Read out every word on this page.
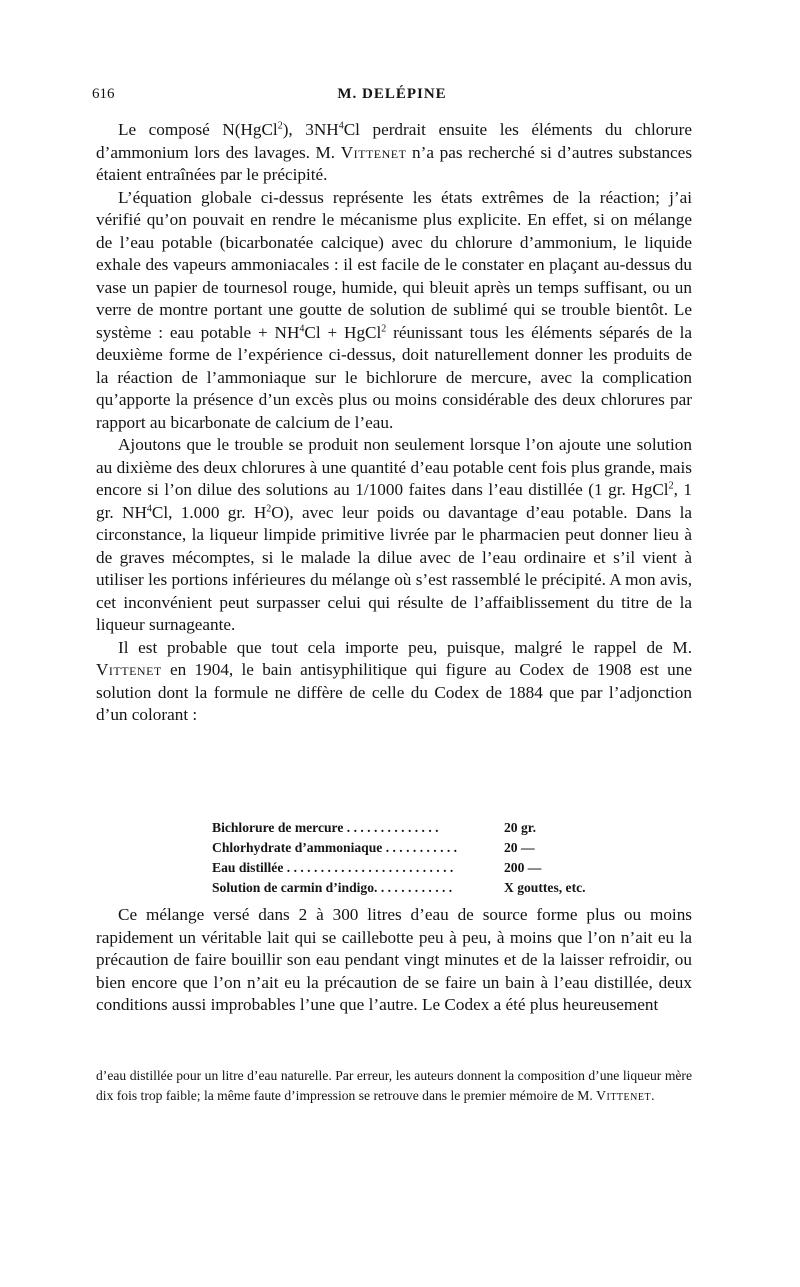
616	M. DELÉPINE

Le composé N(HgCl$^2$), $3NH^4Cl$ perdrait ensuite les éléments du chlorure d’ammonium lors des lavages. M. Vittenet n’a pas recherché si d’autres substances étaient entraînées par le précipité.

L’équation globale ci-dessus représente les états extrêmes de la réaction; j’ai vérifié qu’on pouvait en rendre le mécanisme plus explicite. En effet, si on mélange de l’eau potable (bicarbonatée calcique) avec du chlorure d’ammonium, le liquide exhale des vapeurs ammoniacales : il est facile de le constater en plaçant au-dessus du vase un papier de tournesol rouge, humide, qui bleuit après un temps suffisant, ou un verre de montre portant une goutte de solution de sublimé qui se trouble bientôt. Le système : eau potable + $NH^4Cl$ + HgCl$^2$ réunissant tous les éléments séparés de la deuxième forme de l’expérience ci-dessus, doit naturellement donner les produits de la réaction de l’ammoniaque sur le bichlorure de mercure, avec la complication qu’apporte la présence d’un excès plus ou moins considérable des deux chlorures par rapport au bicarbonate de calcium de l’eau.

Ajoutons que le trouble se produit non seulement lorsque l’on ajoute une solution au dixième des deux chlorures à une quantité d’eau potable cent fois plus grande, mais encore si l’on dilue des solutions au 1/1000 faites dans l’eau distillée (1 gr. HgCl$^2$, 1 gr. $NH^4Cl$, 1.000 gr. $H^2O$), avec leur poids ou davantage d’eau potable. Dans la circonstance, la liqueur limpide primitive livrée par le pharmacien peut donner lieu à de graves mécomptes, si le malade la dilue avec de l’eau ordinaire et s’il vient à utiliser les portions inférieures du mélange où s’est rassemblé le précipité. A mon avis, cet inconvénient peut surpasser celui qui résulte de l’affaiblissement du titre de la liqueur surnageante.

Il est probable que tout cela importe peu, puisque, malgré le rappel de M. Vittenet en 1904, le bain antisyphilitique qui figure au Codex de 1908 est une solution dont la formule ne diffère de celle du Codex de 1884 que par l’adjonction d’un colorant :

Bichlorure de mercure . . . . . . . . . . . . . .	20 gr.
Chlorhydrate d’ammoniaque . . . . . . . . . . .	20 —
Eau distillée . . . . . . . . . . . . . . . . . . . . . . . . .	200 —
Solution de carmin d’indigo. . . . . . . . . . . .	X gouttes, etc.

Ce mélange versé dans 2 à 300 litres d’eau de source forme plus ou moins rapidement un véritable lait qui se caillebotte peu à peu, à moins que l’on n’ait eu la précaution de faire bouillir son eau pendant vingt minutes et de la laisser refroidir, ou bien encore que l’on n’ait eu la précaution de se faire un bain à l’eau distillée, deux conditions aussi improbables l’une que l’autre. Le Codex a été plus heureusement

d’eau distillée pour un litre d’eau naturelle. Par erreur, les auteurs donnent la composition d’une liqueur mère dix fois trop faible; la même faute d’impression se retrouve dans le premier mémoire de M. Vittenet.
